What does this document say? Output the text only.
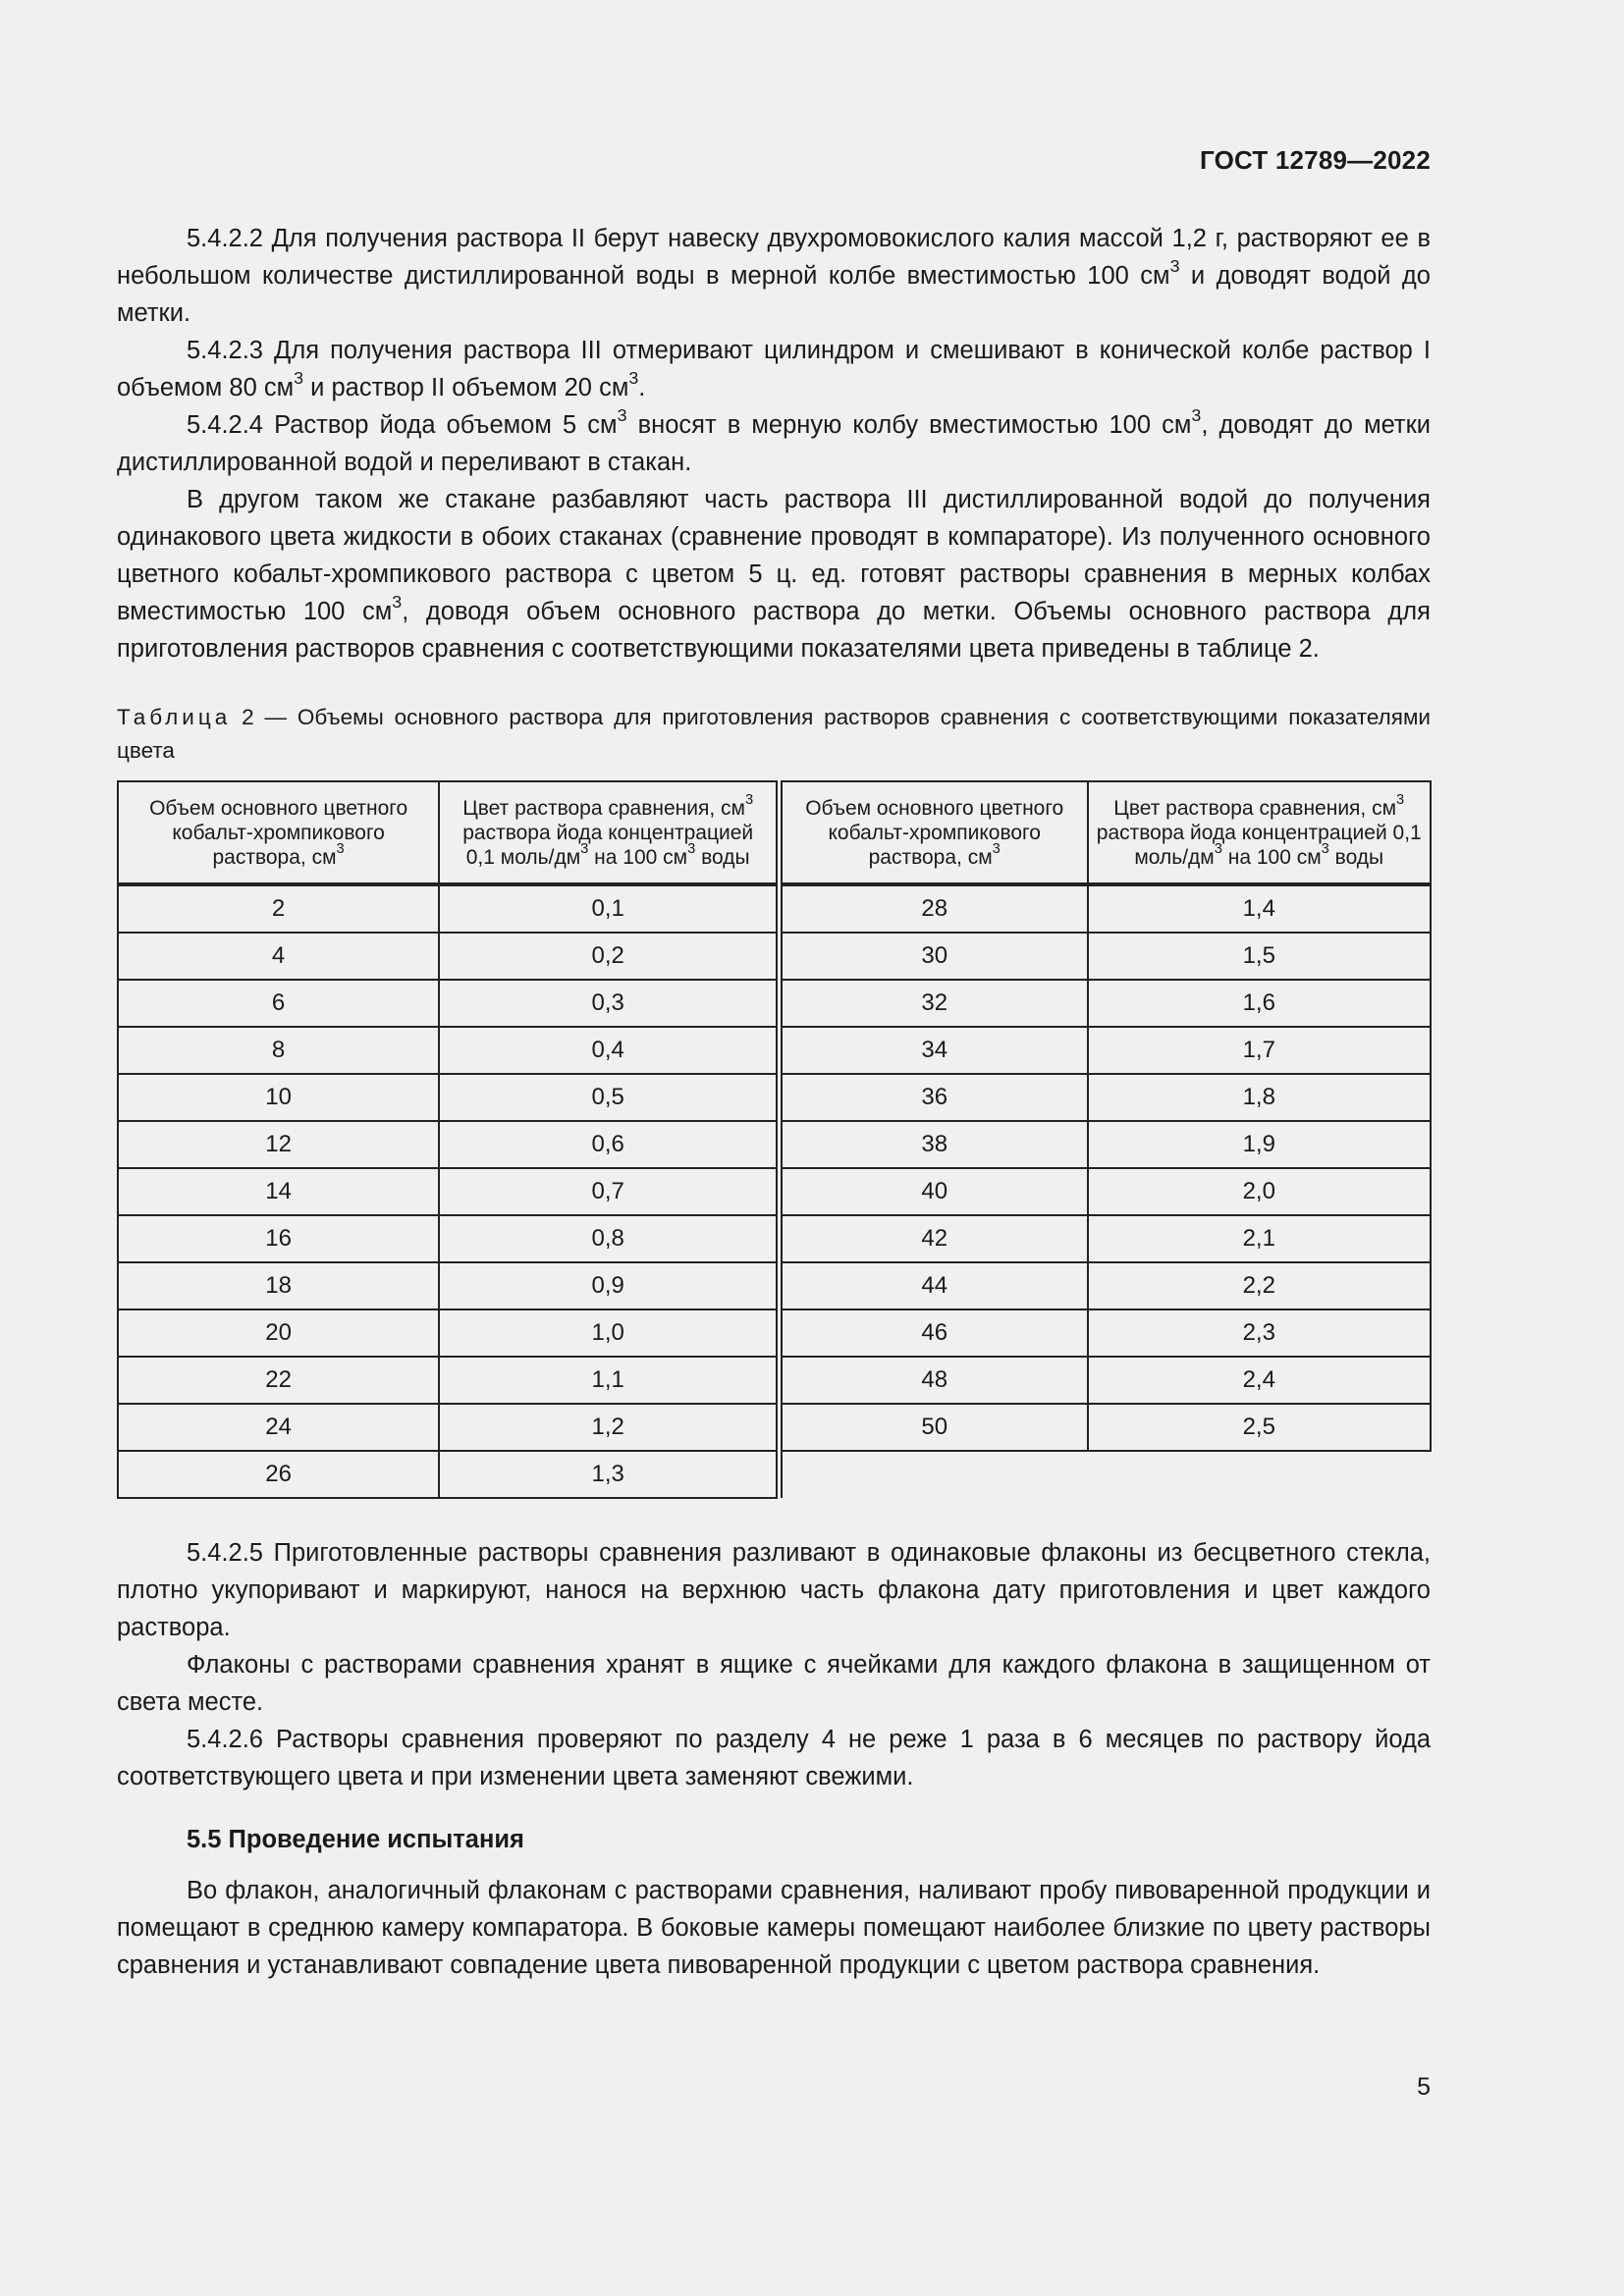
ГОСТ 12789—2022

5.4.2.2 Для получения раствора II берут навеску двухромовокислого калия массой 1,2 г, растворяют ее в небольшом количестве дистиллированной воды в мерной колбе вместимостью 100 $см^3$ и доводят водой до метки.

5.4.2.3 Для получения раствора III отмеривают цилиндром и смешивают в конической колбе раствор I объемом 80 $см^3$ и раствор II объемом 20 $см^3$.

5.4.2.4 Раствор йода объемом 5 $см^3$ вносят в мерную колбу вместимостью 100 $см^3$, доводят до метки дистиллированной водой и переливают в стакан.

В другом таком же стакане разбавляют часть раствора III дистиллированной водой до получения одинакового цвета жидкости в обоих стаканах (сравнение проводят в компараторе). Из полученного основного цветного кобальт-хромпикового раствора с цветом 5 ц. ед. готовят растворы сравнения в мерных колбах вместимостью 100 $см^3$, доводя объем основного раствора до метки. Объемы основного раствора для приготовления растворов сравнения с соответствующими показателями цвета приведены в таблице 2.

Таблица 2 — Объемы основного раствора для приготовления растворов сравнения с соответствующими показателями цвета

Объем основного цветного кобальт-хромпикового раствора, $см^3$	Цвет раствора сравнения, $см^3$ раствора йода концентрацией 0,1 моль/$дм^3$ на 100 $см^3$ воды		Объем основного цветного кобальт-хромпикового раствора, $см^3$	Цвет раствора сравнения, $см^3$ раствора йода концентрацией 0,1 моль/$дм^3$ на 100 $см^3$ воды
2	0,1		28	1,4
4	0,2		30	1,5
6	0,3		32	1,6
8	0,4		34	1,7
10	0,5		36	1,8
12	0,6		38	1,9
14	0,7		40	2,0
16	0,8		42	2,1
18	0,9		44	2,2
20	1,0		46	2,3
22	1,1		48	2,4
24	1,2		50	2,5
26	1,3			

5.4.2.5 Приготовленные растворы сравнения разливают в одинаковые флаконы из бесцветного стекла, плотно укупоривают и маркируют, нанося на верхнюю часть флакона дату приготовления и цвет каждого раствора.

Флаконы с растворами сравнения хранят в ящике с ячейками для каждого флакона в защищенном от света месте.

5.4.2.6 Растворы сравнения проверяют по разделу 4 не реже 1 раза в 6 месяцев по раствору йода соответствующего цвета и при изменении цвета заменяют свежими.

5.5 Проведение испытания

Во флакон, аналогичный флаконам с растворами сравнения, наливают пробу пивоваренной продукции и помещают в среднюю камеру компаратора. В боковые камеры помещают наиболее близкие по цвету растворы сравнения и устанавливают совпадение цвета пивоваренной продукции с цветом раствора сравнения.

5
